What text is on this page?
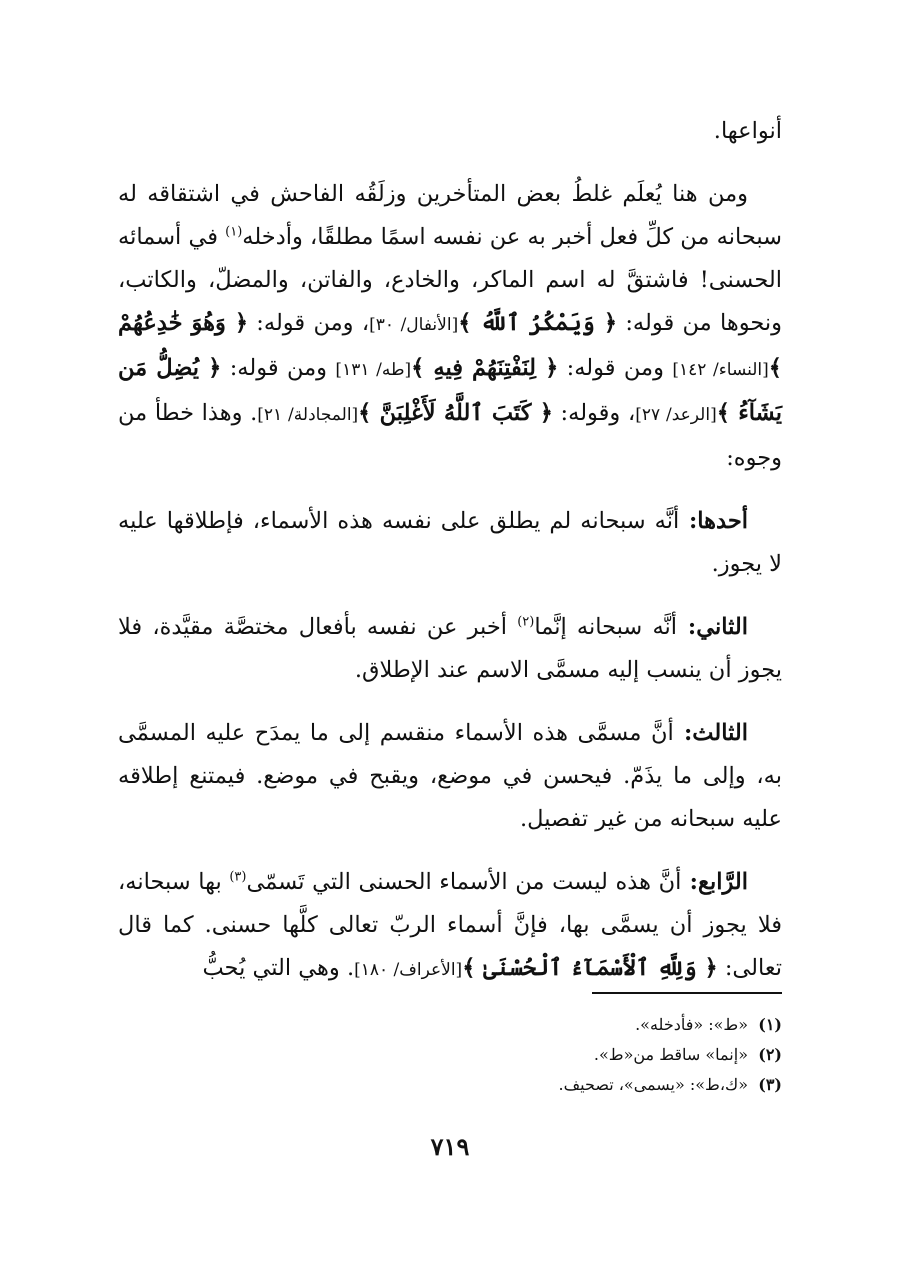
أنواعها.

ومن هنا يُعلَم غلطُ بعض المتأخرين وزلَقُه الفاحش في اشتقاقه له سبحانه من كلِّ فعل أخبر به عن نفسه اسمًا مطلقًا، وأدخله$^{(١)}$ في أسمائه الحسنى! فاشتقَّ له اسم الماكر، والخادع، والفاتن، والمضلّ، والكاتب، ونحوها من قوله: ﴿ وَيَمْكُرُ ٱللَّهُ ﴾[الأنفال/ ٣٠]، ومن قوله: ﴿ وَهُوَ خَٰدِعُهُمْ ﴾[النساء/ ١٤٢] ومن قوله: ﴿ لِنَفْتِنَهُمْ فِيهِ ﴾[طه/ ١٣١] ومن قوله: ﴿ يُضِلُّ مَن يَشَآءُ ﴾[الرعد/ ٢٧]، وقوله: ﴿ كَتَبَ ٱللَّهُ لَأَغْلِبَنَّ ﴾[المجادلة/ ٢١]. وهذا خطأ من وجوه:

أحدها: أنَّه سبحانه لم يطلق على نفسه هذه الأسماء، فإطلاقها عليه لا يجوز.

الثاني: أنَّه سبحانه إنَّما$^{(٢)}$ أخبر عن نفسه بأفعال مختصَّة مقيَّدة، فلا يجوز أن ينسب إليه مسمَّى الاسم عند الإطلاق.

الثالث: أنَّ مسمَّى هذه الأسماء منقسم إلى ما يمدَح عليه المسمَّى به، وإلى ما يذَمّ. فيحسن في موضع، ويقبح في موضع. فيمتنع إطلاقه عليه سبحانه من غير تفصيل.

الرَّابع: أنَّ هذه ليست من الأسماء الحسنى التي تَسمّى$^{(٣)}$ بها سبحانه، فلا يجوز أن يسمَّى بها، فإنَّ أسماء الربّ تعالى كلَّها حسنى. كما قال تعالى: ﴿ وَلِلَّهِ ٱلْأَسْمَآءُ ٱلْحُسْنَىٰ ﴾[الأعراف/ ١٨٠]. وهي التي يُحبُّ

(١)«ط»: «فأدخله».
(٢)«إنما» ساقط من«ط».
(٣)«ك،ط»: «يسمى»، تصحيف.
٧١٩
